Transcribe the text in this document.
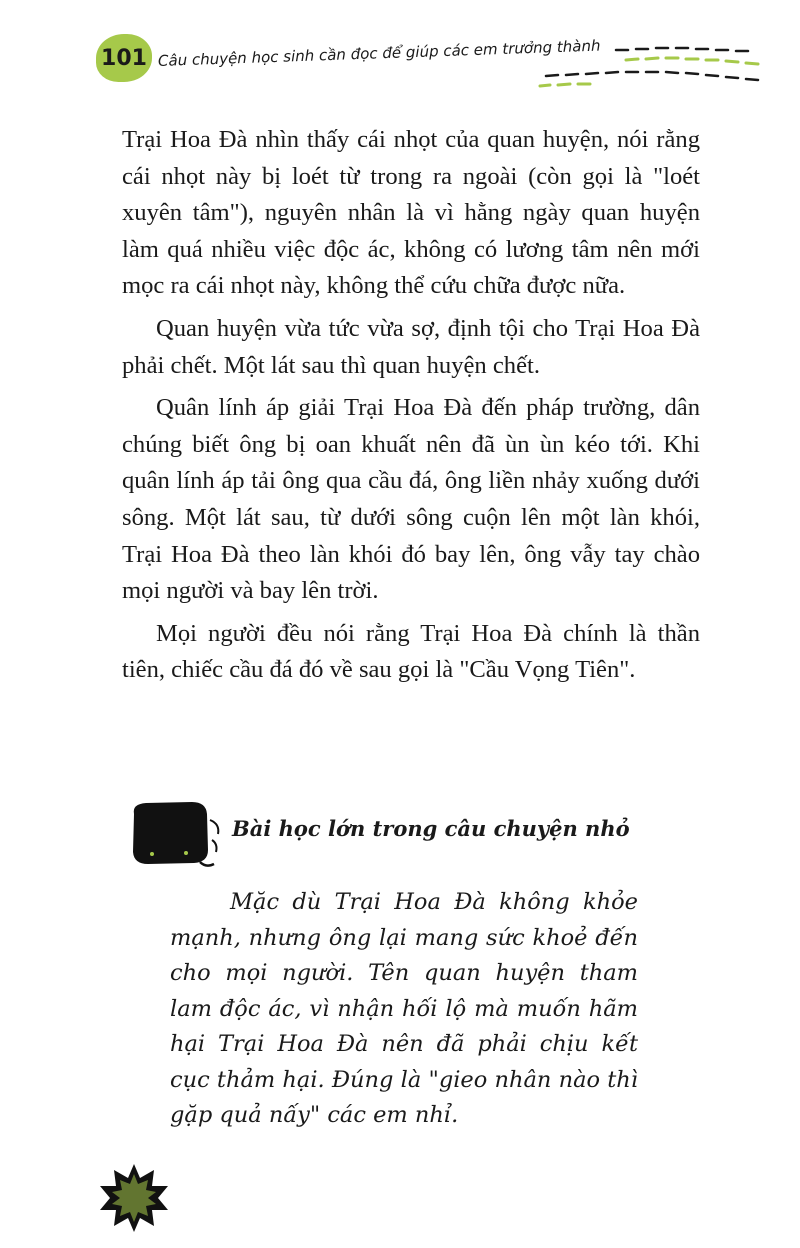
101 Câu chuyện học sinh cần đọc để giúp các em trưởng thành

Trại Hoa Đà nhìn thấy cái nhọt của quan huyện, nói rằng cái nhọt này bị loét từ trong ra ngoài (còn gọi là "loét xuyên tâm"), nguyên nhân là vì hằng ngày quan huyện làm quá nhiều việc độc ác, không có lương tâm nên mới mọc ra cái nhọt này, không thể cứu chữa được nữa.

Quan huyện vừa tức vừa sợ, định tội cho Trại Hoa Đà phải chết. Một lát sau thì quan huyện chết.

Quân lính áp giải Trại Hoa Đà đến pháp trường, dân chúng biết ông bị oan khuất nên đã ùn ùn kéo tới. Khi quân lính áp tải ông qua cầu đá, ông liền nhảy xuống dưới sông. Một lát sau, từ dưới sông cuộn lên một làn khói, Trại Hoa Đà theo làn khói đó bay lên, ông vẫy tay chào mọi người và bay lên trời.

Mọi người đều nói rằng Trại Hoa Đà chính là thần tiên, chiếc cầu đá đó về sau gọi là "Cầu Vọng Tiên".

Bài học lớn trong câu chuyện nhỏ

Mặc dù Trại Hoa Đà không khỏe mạnh, nhưng ông lại mang sức khoẻ đến cho mọi người. Tên quan huyện tham lam độc ác, vì nhận hối lộ mà muốn hãm hại Trại Hoa Đà nên đã phải chịu kết cục thảm hại. Đúng là "gieo nhân nào thì gặp quả nấy" các em nhỉ.
